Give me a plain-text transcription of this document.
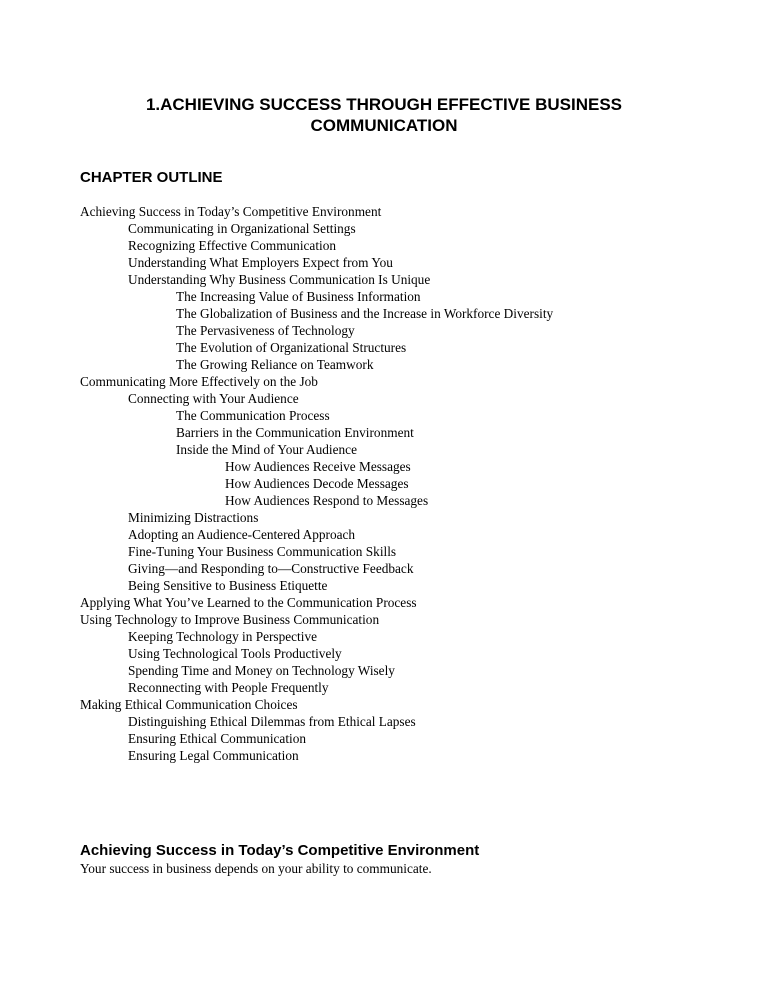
1.ACHIEVING SUCCESS THROUGH EFFECTIVE BUSINESS
COMMUNICATION
CHAPTER OUTLINE
Achieving Success in Today’s Competitive Environment
Communicating in Organizational Settings
Recognizing Effective Communication
Understanding What Employers Expect from You
Understanding Why Business Communication Is Unique
The Increasing Value of Business Information
The Globalization of Business and the Increase in Workforce Diversity
The Pervasiveness of Technology
The Evolution of Organizational Structures
The Growing Reliance on Teamwork
Communicating More Effectively on the Job
Connecting with Your Audience
The Communication Process
Barriers in the Communication Environment
Inside the Mind of Your Audience
How Audiences Receive Messages
How Audiences Decode Messages
How Audiences Respond to Messages
Minimizing Distractions
Adopting an Audience-Centered Approach
Fine-Tuning Your Business Communication Skills
Giving—and Responding to—Constructive Feedback
Being Sensitive to Business Etiquette
Applying What You’ve Learned to the Communication Process
Using Technology to Improve Business Communication
Keeping Technology in Perspective
Using Technological Tools Productively
Spending Time and Money on Technology Wisely
Reconnecting with People Frequently
Making Ethical Communication Choices
Distinguishing Ethical Dilemmas from Ethical Lapses
Ensuring Ethical Communication
Ensuring Legal Communication
Achieving Success in Today’s Competitive Environment
Your success in business depends on your ability to communicate.
